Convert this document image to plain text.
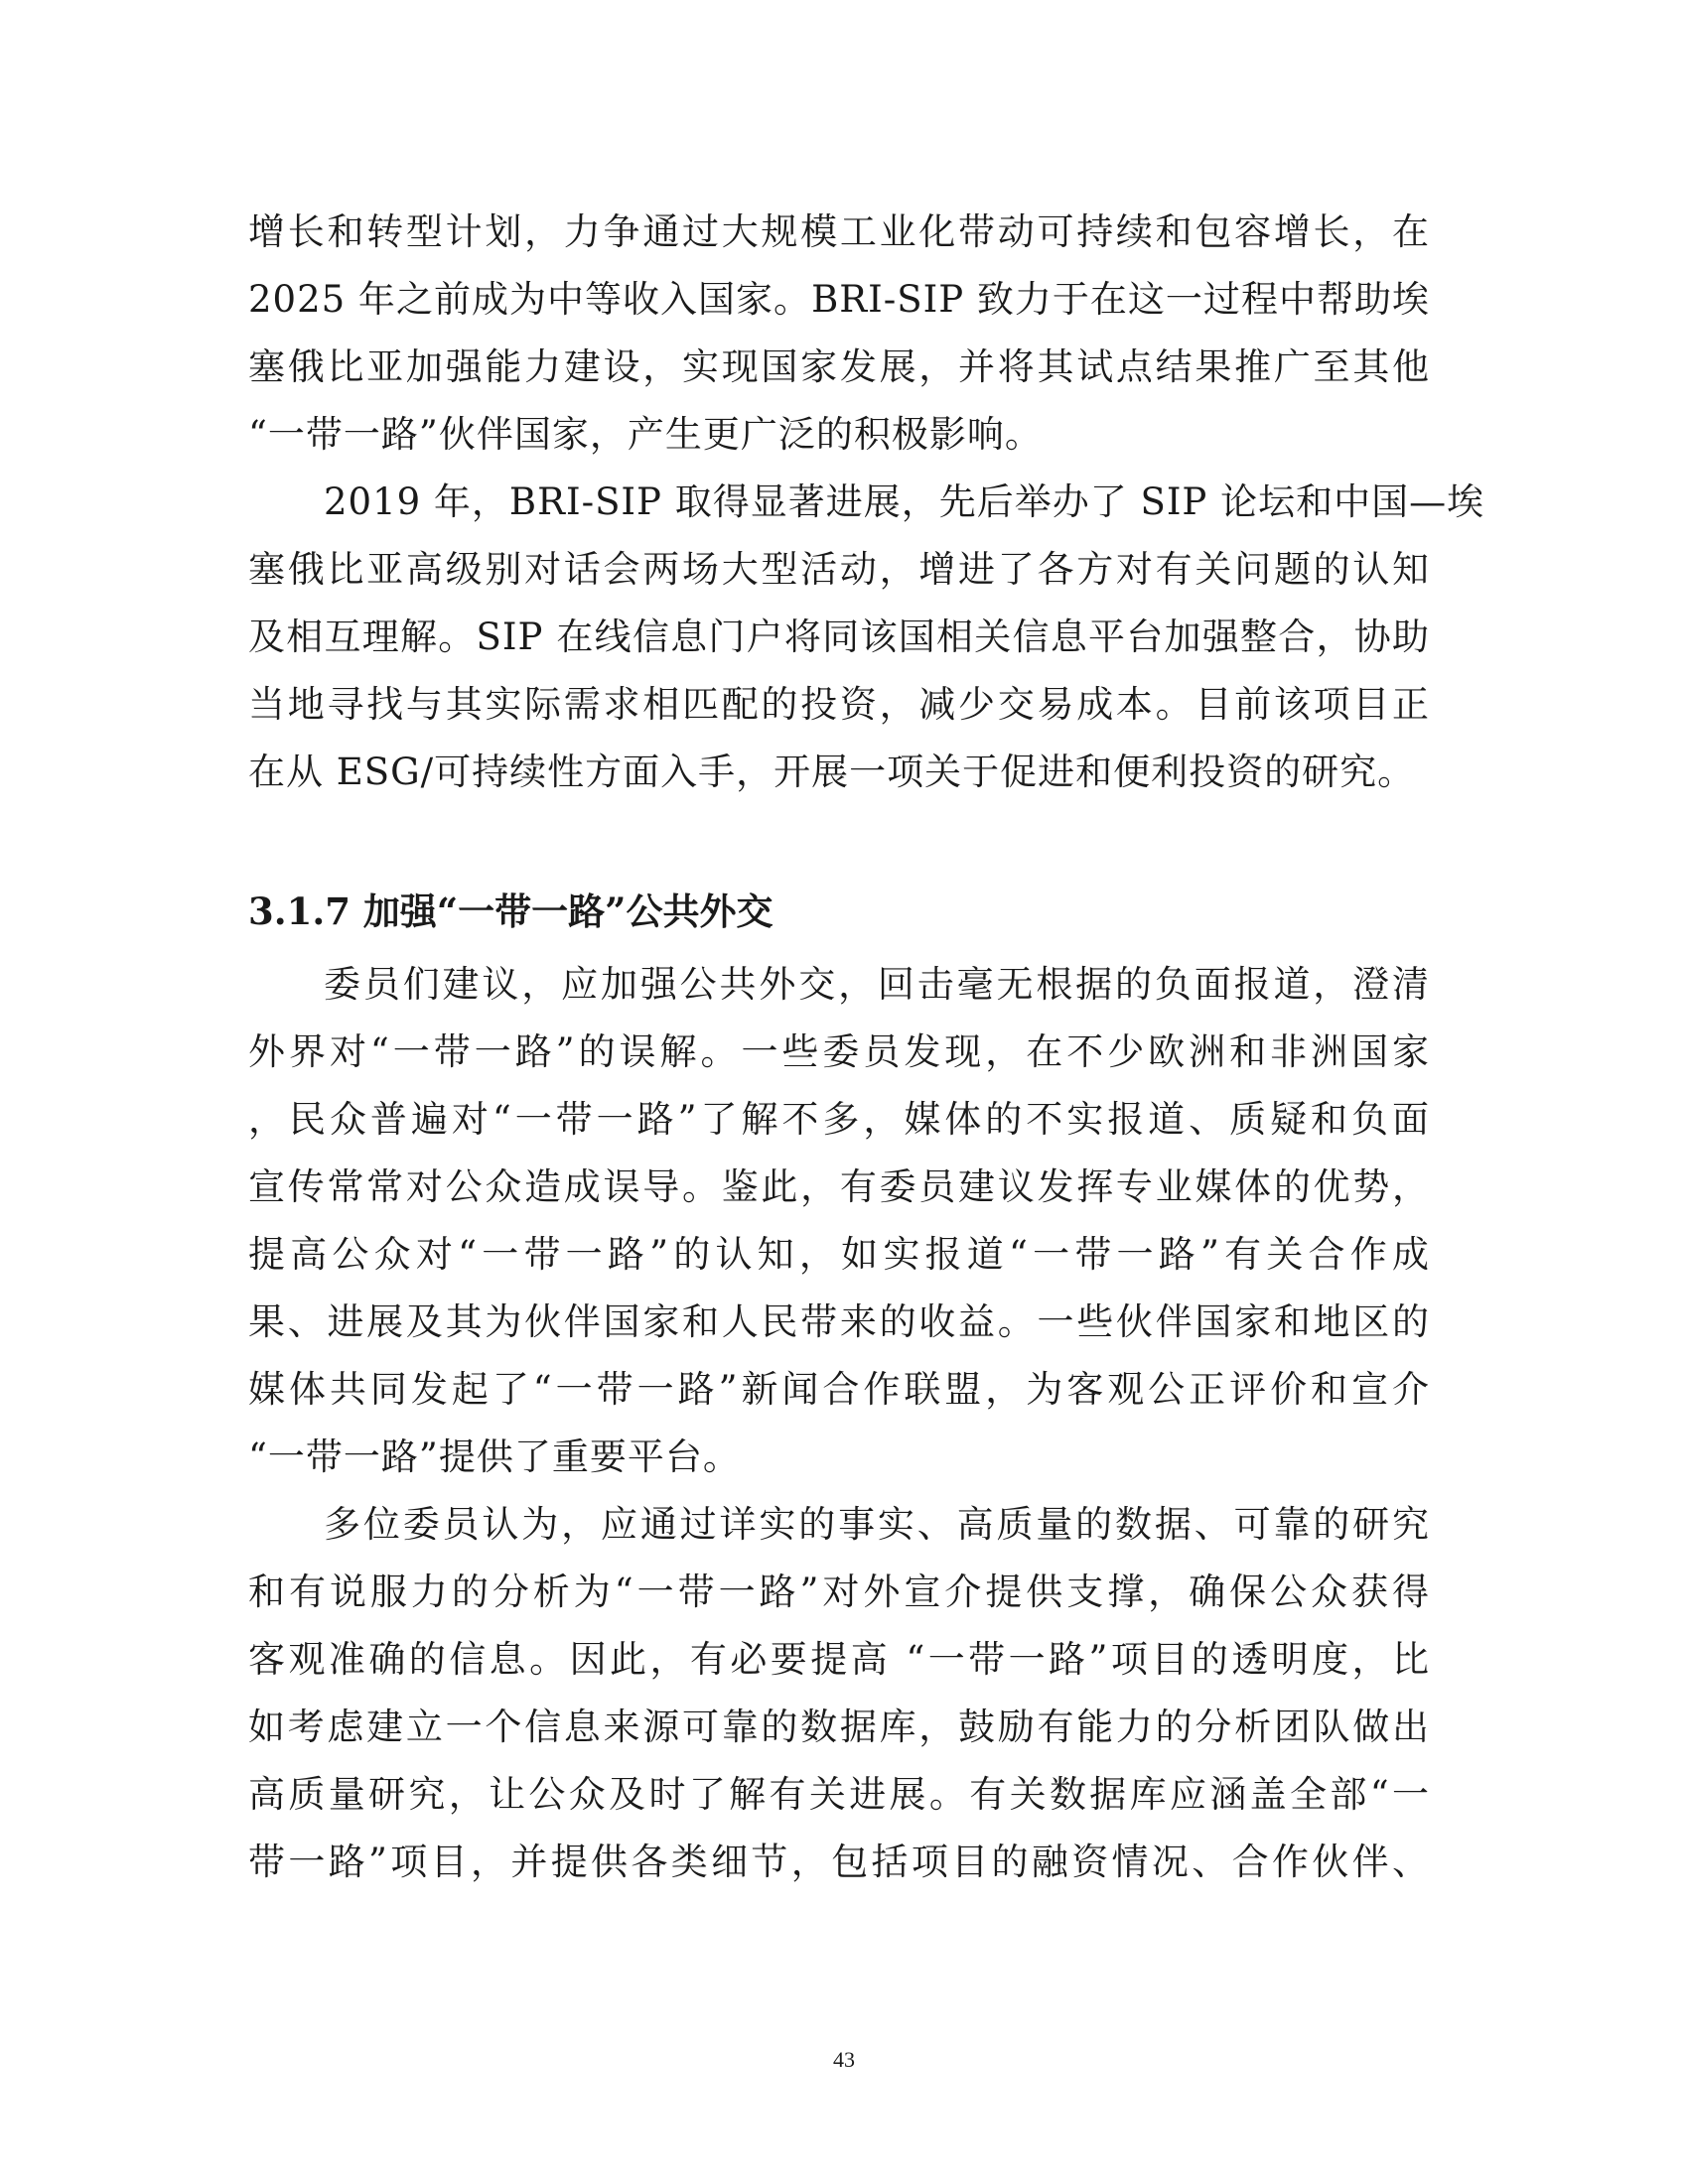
增长和转型计划，力争通过大规模工业化带动可持续和包容增长，在
2025 年之前成为中等收入国家。BRI-SIP 致力于在这一过程中帮助埃
塞俄比亚加强能力建设，实现国家发展，并将其试点结果推广至其他
“一带一路”伙伴国家，产生更广泛的积极影响。
2019 年，BRI-SIP 取得显著进展，先后举办了 SIP 论坛和中国—埃
塞俄比亚高级别对话会两场大型活动，增进了各方对有关问题的认知
及相互理解。SIP 在线信息门户将同该国相关信息平台加强整合，协助
当地寻找与其实际需求相匹配的投资，减少交易成本。目前该项目正
在从 ESG/可持续性方面入手，开展一项关于促进和便利投资的研究。
3.1.7 加强“一带一路”公共外交
委员们建议，应加强公共外交，回击毫无根据的负面报道，澄清
外界对“一带一路”的误解。一些委员发现，在不少欧洲和非洲国家
，民众普遍对“一带一路”了解不多，媒体的不实报道、质疑和负面
宣传常常对公众造成误导。鉴此，有委员建议发挥专业媒体的优势，
提高公众对“一带一路”的认知，如实报道“一带一路”有关合作成
果、进展及其为伙伴国家和人民带来的收益。一些伙伴国家和地区的
媒体共同发起了“一带一路”新闻合作联盟，为客观公正评价和宣介
“一带一路”提供了重要平台。
多位委员认为，应通过详实的事实、高质量的数据、可靠的研究
和有说服力的分析为“一带一路”对外宣介提供支撑，确保公众获得
客观准确的信息。因此，有必要提高 “一带一路”项目的透明度，比
如考虑建立一个信息来源可靠的数据库，鼓励有能力的分析团队做出
高质量研究，让公众及时了解有关进展。有关数据库应涵盖全部“一
带一路”项目，并提供各类细节，包括项目的融资情况、合作伙伴、
43
